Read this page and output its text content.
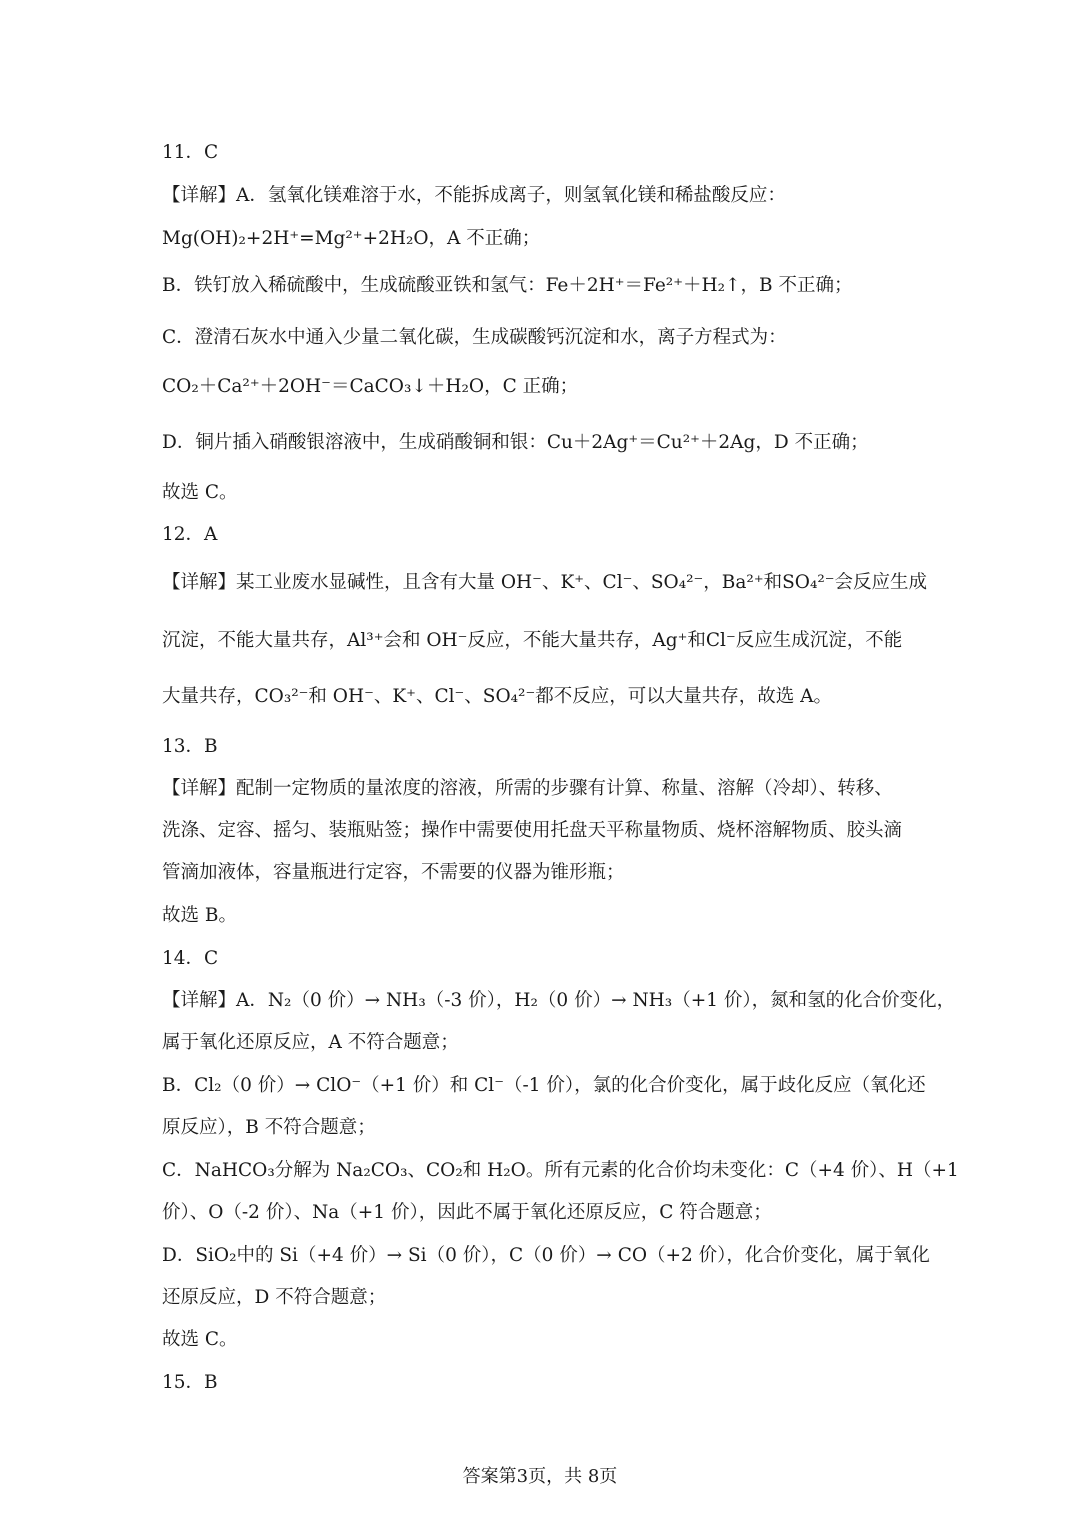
11．C
【详解】A．氢氧化镁难溶于水，不能拆成离子，则氢氧化镁和稀盐酸反应：
Mg(OH)₂+2H⁺=Mg²⁺+2H₂O，A 不正确；
B．铁钉放入稀硫酸中，生成硫酸亚铁和氢气：Fe＋2H⁺＝Fe²⁺＋H₂↑，B 不正确；
C．澄清石灰水中通入少量二氧化碳，生成碳酸钙沉淀和水，离子方程式为：
CO₂＋Ca²⁺＋2OH⁻＝CaCO₃↓＋H₂O，C 正确；
D．铜片插入硝酸银溶液中，生成硝酸铜和银：Cu＋2Ag⁺＝Cu²⁺＋2Ag，D 不正确；
故选 C。
12．A
【详解】某工业废水显碱性，且含有大量 OH⁻、K⁺、Cl⁻、SO₄²⁻，Ba²⁺和SO₄²⁻会反应生成
沉淀，不能大量共存，Al³⁺会和 OH⁻反应，不能大量共存，Ag⁺和Cl⁻反应生成沉淀，不能
大量共存，CO₃²⁻和 OH⁻、K⁺、Cl⁻、SO₄²⁻都不反应，可以大量共存，故选 A。
13．B
【详解】配制一定物质的量浓度的溶液，所需的步骤有计算、称量、溶解（冷却）、转移、
洗涤、定容、摇匀、装瓶贴签；操作中需要使用托盘天平称量物质、烧杯溶解物质、胶头滴
管滴加液体，容量瓶进行定容，不需要的仪器为锥形瓶；
故选 B。
14．C
【详解】A．N₂（0 价）→ NH₃（-3 价），H₂（0 价）→ NH₃（+1 价），氮和氢的化合价变化，
属于氧化还原反应，A 不符合题意；
B．Cl₂（0 价）→ ClO⁻（+1 价）和 Cl⁻（-1 价），氯的化合价变化，属于歧化反应（氧化还
原反应），B 不符合题意；
C．NaHCO₃分解为 Na₂CO₃、CO₂和 H₂O。所有元素的化合价均未变化：C（+4 价）、H（+1
价）、O（-2 价）、Na（+1 价），因此不属于氧化还原反应，C 符合题意；
D．SiO₂中的 Si（+4 价）→ Si（0 价），C（0 价）→ CO（+2 价），化合价变化，属于氧化
还原反应，D 不符合题意；
故选 C。
15．B
答案第3页，共 8页
